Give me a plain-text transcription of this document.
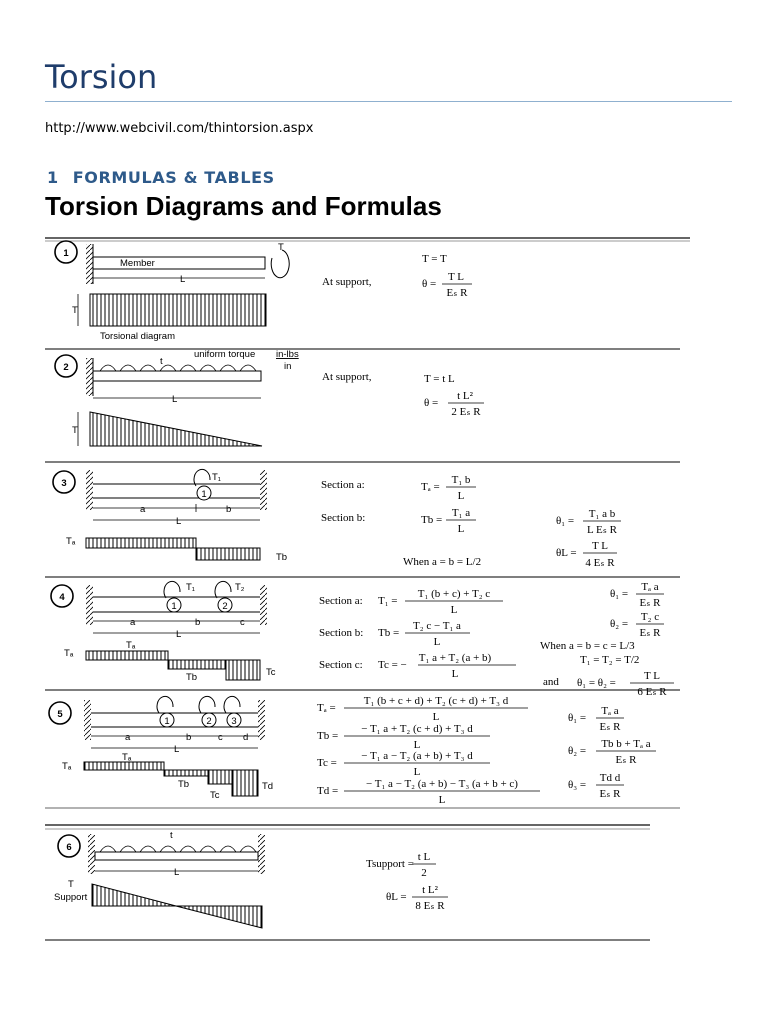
Torsion
http://www.webcivil.com/thintorsion.aspx
1 FORMULAS & TABLES
Torsion Diagrams and Formulas
1
Member
T
L
T
Torsional diagram
At support,
T = T
θ =
T L
Eₛ R
2
t
uniform torque in-lbs
in
L
T
At support,	T = t L
θ =
t L²
2 Eₛ R
3
1
T₁
a	b
L
Tₐ
Tb
Section a:	Tₐ =
T₁ b
L
Section b:	Tb =
T₁ a
L
θ₁ =
T₁ a b
L Eₛ R
When a = b = L/2
θL =
T L
4 Eₛ R
4
1	2
T₁	T₂
a	b	c
L
Tₐ
Tₐ
Tb	Tc
Section a: T₁ =
T₁ (b + c) + T₂ c
L
Section b: Tb =
T₂ c − T₁ a
L
Section c: Tc = −
T₁ a + T₂ (a + b)
L
θ₁ =
Tₐ a
Eₛ R
θ₂ =
T₂ c
Eₛ R
When a = b = c = L/3
T₁ = T₂ = T/2
and θ₁ = θ₂ =
T L
6 Eₛ R
5
1	2 3
a	b	c d
L
Tₐ
Tₐ
Tb
Tc
Td
Tₐ =
T₁ (b + c + d) + T₂ (c + d) + T₃ d
L
Tb =
− T₁ a + T₂ (c + d) + T₃ d
L
Tc =
− T₁ a − T₂ (a + b) + T₃ d
L
Td =
− T₁ a − T₂ (a + b) − T₃ (a + b + c)
L
θ₁ =
Tₐ a
Eₛ R
θ₂ =
Tb b + Tₐ a
Eₛ R
θ₃ =
Td d
Eₛ R
6
t
L
T
Support
Tsupport =
t L
2
θL =
t L²
8 Eₛ R
